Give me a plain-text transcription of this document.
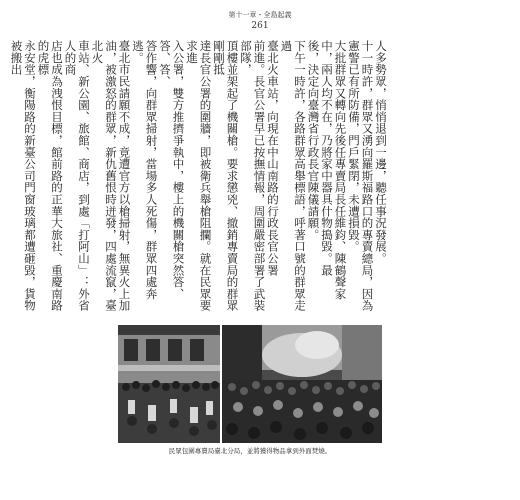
第十一章・全島起義
261
人多勢眾，悄悄退到一邊，聽任事況發展。
十一時許，群眾又湧向羅斯福路口的專賣總局，因為憲警已有所防備，門戶緊閉，未遭損毀。
大批群眾又轉向先後任專賣局長任維鈞、陳鶴聲家中，兩人均不在，乃將家中器具什物搗毀。最
後，決定向臺灣省行政長官陳儀請願。
下午一時許，各路群眾高舉標語，呼著口號的群眾走過
臺北火車站，向現在中山南路的行政長官公署
前進。長官公署早已按撫情報，周圍嚴密部署了武裝部隊，
頂樓並架起了機關槍。要求懲兇、撤銷專賣局的群眾剛剛抵
達長官公署的圍牆，即被衛兵舉槍阻攔。就在民眾要求進
入公署，雙方推擠爭執中，樓上的機關槍突然答、答、答、
答作響，向群眾掃射，當場多人死傷，群眾四處奔逃。
臺北市民請願不成，竟遭官方以槍掃射，無異火上加
油，被激怒的群眾，新仇舊恨時迸發，四處流竄，臺北火
車站、新公園、旅館、商店，到處「打阿山」：外省人的商
店也成為洩恨目標，館前路的正華大旅社、重慶南路的虎標
永安堂，衡陽路的新臺公司門窗玻璃都遭砸毀，貨物被搬出
民眾包圍專賣局臺北分局，並將獲得物品拿到外面焚燒。
